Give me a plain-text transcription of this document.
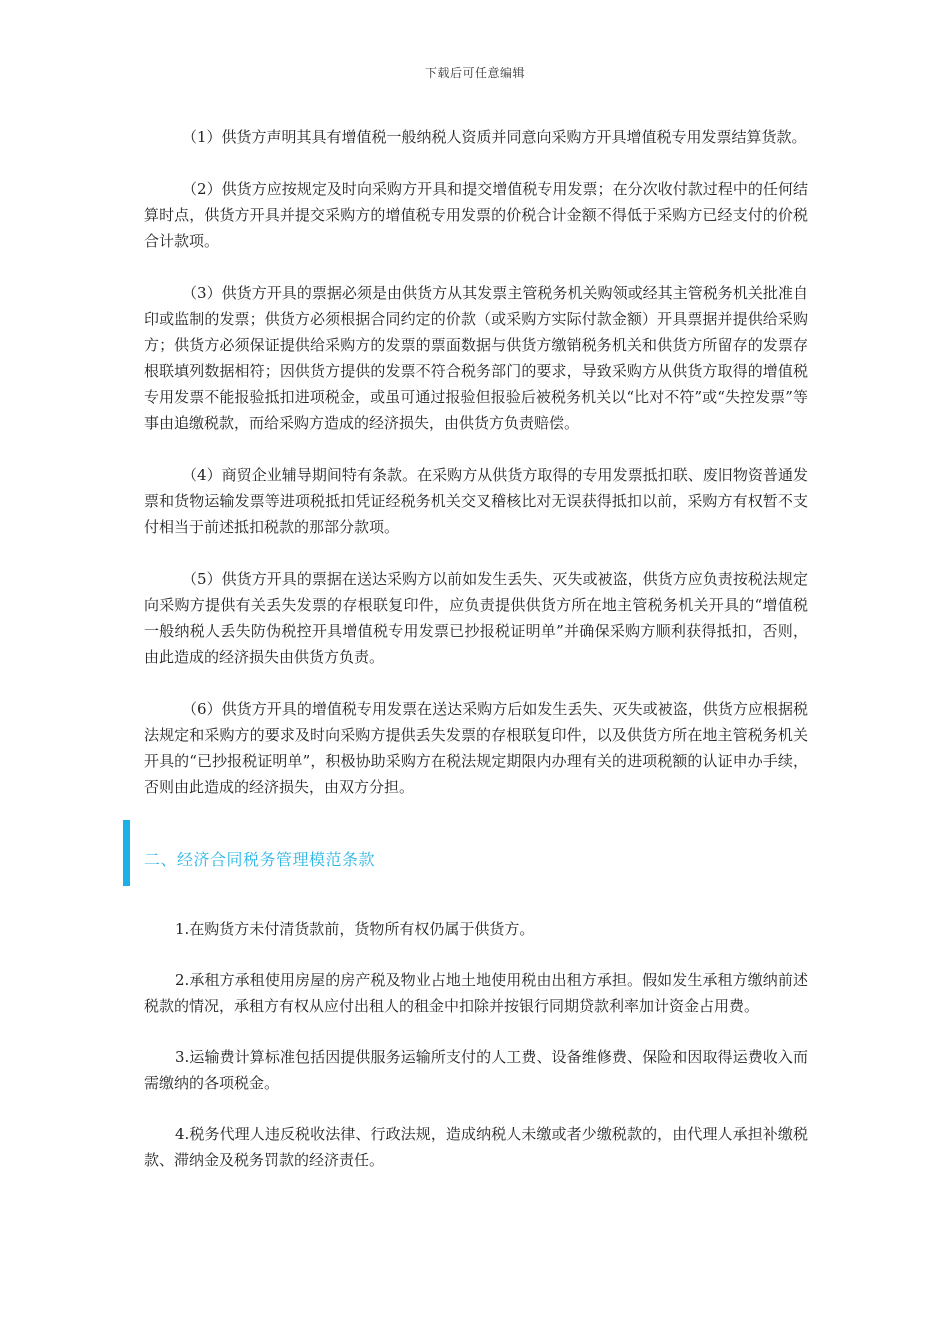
下载后可任意编辑

（1）供货方声明其具有增值税一般纳税人资质并同意向采购方开具增值税专用发票结算货款。

（2）供货方应按规定及时向采购方开具和提交增值税专用发票；在分次收付款过程中的任何结算时点，供货方开具并提交采购方的增值税专用发票的价税合计金额不得低于采购方已经支付的价税合计款项。

（3）供货方开具的票据必须是由供货方从其发票主管税务机关购领或经其主管税务机关批准自印或监制的发票；供货方必须根据合同约定的价款（或采购方实际付款金额）开具票据并提供给采购方；供货方必须保证提供给采购方的发票的票面数据与供货方缴销税务机关和供货方所留存的发票存根联填列数据相符；因供货方提供的发票不符合税务部门的要求，导致采购方从供货方取得的增值税专用发票不能报验抵扣进项税金，或虽可通过报验但报验后被税务机关以“比对不符”或“失控发票”等事由追缴税款，而给采购方造成的经济损失，由供货方负责赔偿。

（4）商贸企业辅导期间特有条款。在采购方从供货方取得的专用发票抵扣联、废旧物资普通发票和货物运输发票等进项税抵扣凭证经税务机关交叉稽核比对无误获得抵扣以前，采购方有权暂不支付相当于前述抵扣税款的那部分款项。

（5）供货方开具的票据在送达采购方以前如发生丢失、灭失或被盗，供货方应负责按税法规定向采购方提供有关丢失发票的存根联复印件，应负责提供供货方所在地主管税务机关开具的“增值税一般纳税人丢失防伪税控开具增值税专用发票已抄报税证明单”并确保采购方顺利获得抵扣，否则，由此造成的经济损失由供货方负责。

（6）供货方开具的增值税专用发票在送达采购方后如发生丢失、灭失或被盗，供货方应根据税法规定和采购方的要求及时向采购方提供丢失发票的存根联复印件，以及供货方所在地主管税务机关开具的“已抄报税证明单”，积极协助采购方在税法规定期限内办理有关的进项税额的认证申办手续，否则由此造成的经济损失，由双方分担。

二、经济合同税务管理模范条款

1.在购货方未付清货款前，货物所有权仍属于供货方。

2.承租方承租使用房屋的房产税及物业占地土地使用税由出租方承担。假如发生承租方缴纳前述税款的情况，承租方有权从应付出租人的租金中扣除并按银行同期贷款利率加计资金占用费。

3.运输费计算标准包括因提供服务运输所支付的人工费、设备维修费、保险和因取得运费收入而需缴纳的各项税金。

4.税务代理人违反税收法律、行政法规，造成纳税人未缴或者少缴税款的，由代理人承担补缴税款、滞纳金及税务罚款的经济责任。
